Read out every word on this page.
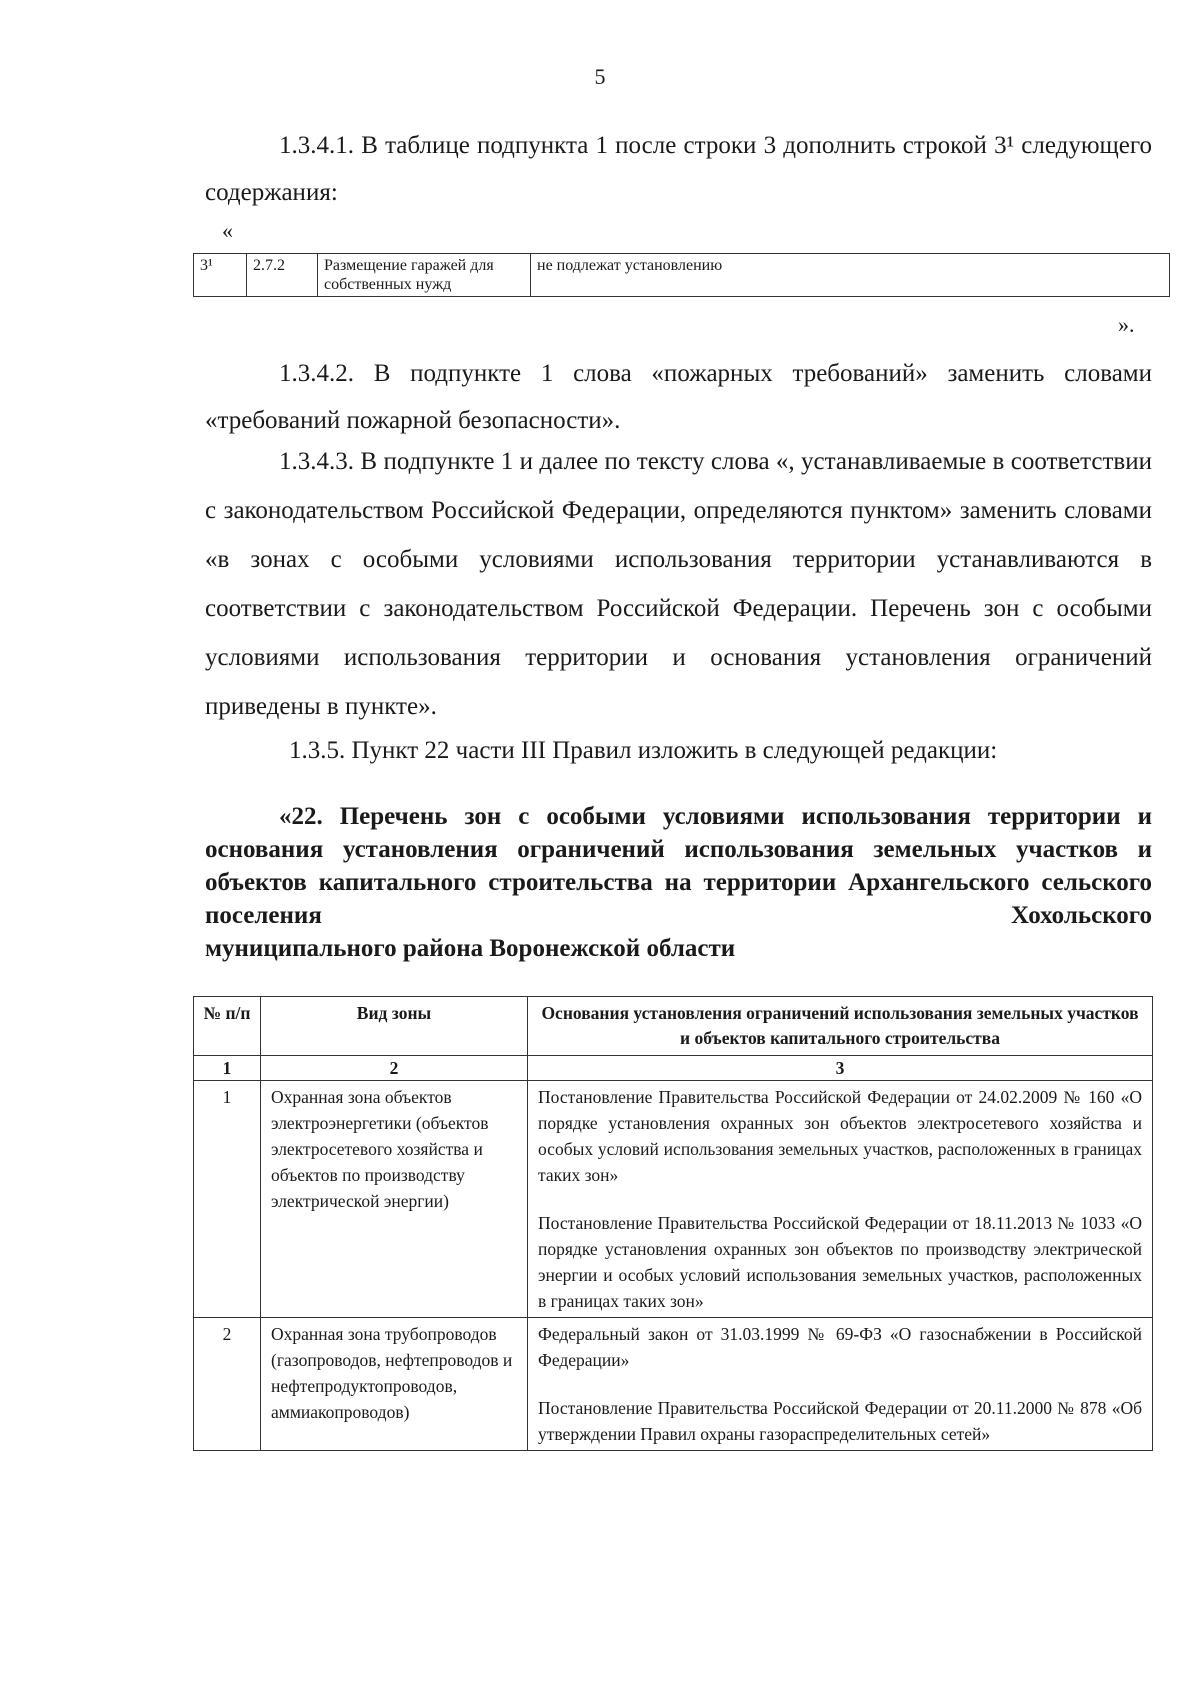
5

1.3.4.1. В таблице подпункта 1 после строки 3 дополнить строкой 3¹ следующего содержания:

«
3¹	2.7.2	Размещение гаражей для собственных нужд	не подлежат установлению
».

1.3.4.2. В подпункте 1 слова «пожарных требований» заменить словами «требований пожарной безопасности».

1.3.4.3. В подпункте 1 и далее по тексту слова «, устанавливаемые в соответствии с законодательством Российской Федерации, определяются пунктом» заменить словами «в зонах с особыми условиями использования территории устанавливаются в соответствии с законодательством Российской Федерации. Перечень зон с особыми условиями использования территории и основания установления ограничений приведены в пункте».

1.3.5. Пункт 22 части III Правил изложить в следующей редакции:

«22. Перечень зон с особыми условиями использования территории и основания установления ограничений использования земельных участков и объектов капитального строительства на территории Архангельского сельского поселения Хохольского
муниципального района Воронежской области
№ п/п	Вид зоны	Основания установления ограничений использования земельных участков и объектов капитального строительства
1	2	3
1	Охранная зона объектов электроэнергетики (объектов электросетевого хозяйства и объектов по производству электрической энергии)	Постановление Правительства Российской Федерации от 24.02.2009 № 160 «О порядке установления охранных зон объектов электросетевого хозяйства и особых условий использования земельных участков, расположенных в границах таких зон»

Постановление Правительства Российской Федерации от 18.11.2013 № 1033 «О порядке установления охранных зон объектов по производству электрической энергии и особых условий использования земельных участков, расположенных в границах таких зон»

2	Охранная зона трубопроводов (газопроводов, нефтепроводов и нефтепродуктопроводов, аммиакопроводов)	Федеральный закон от 31.03.1999 № 69-ФЗ «О газоснабжении в Российской Федерации»

Постановление Правительства Российской Федерации от 20.11.2000 № 878 «Об утверждении Правил охраны газораспределительных сетей»
